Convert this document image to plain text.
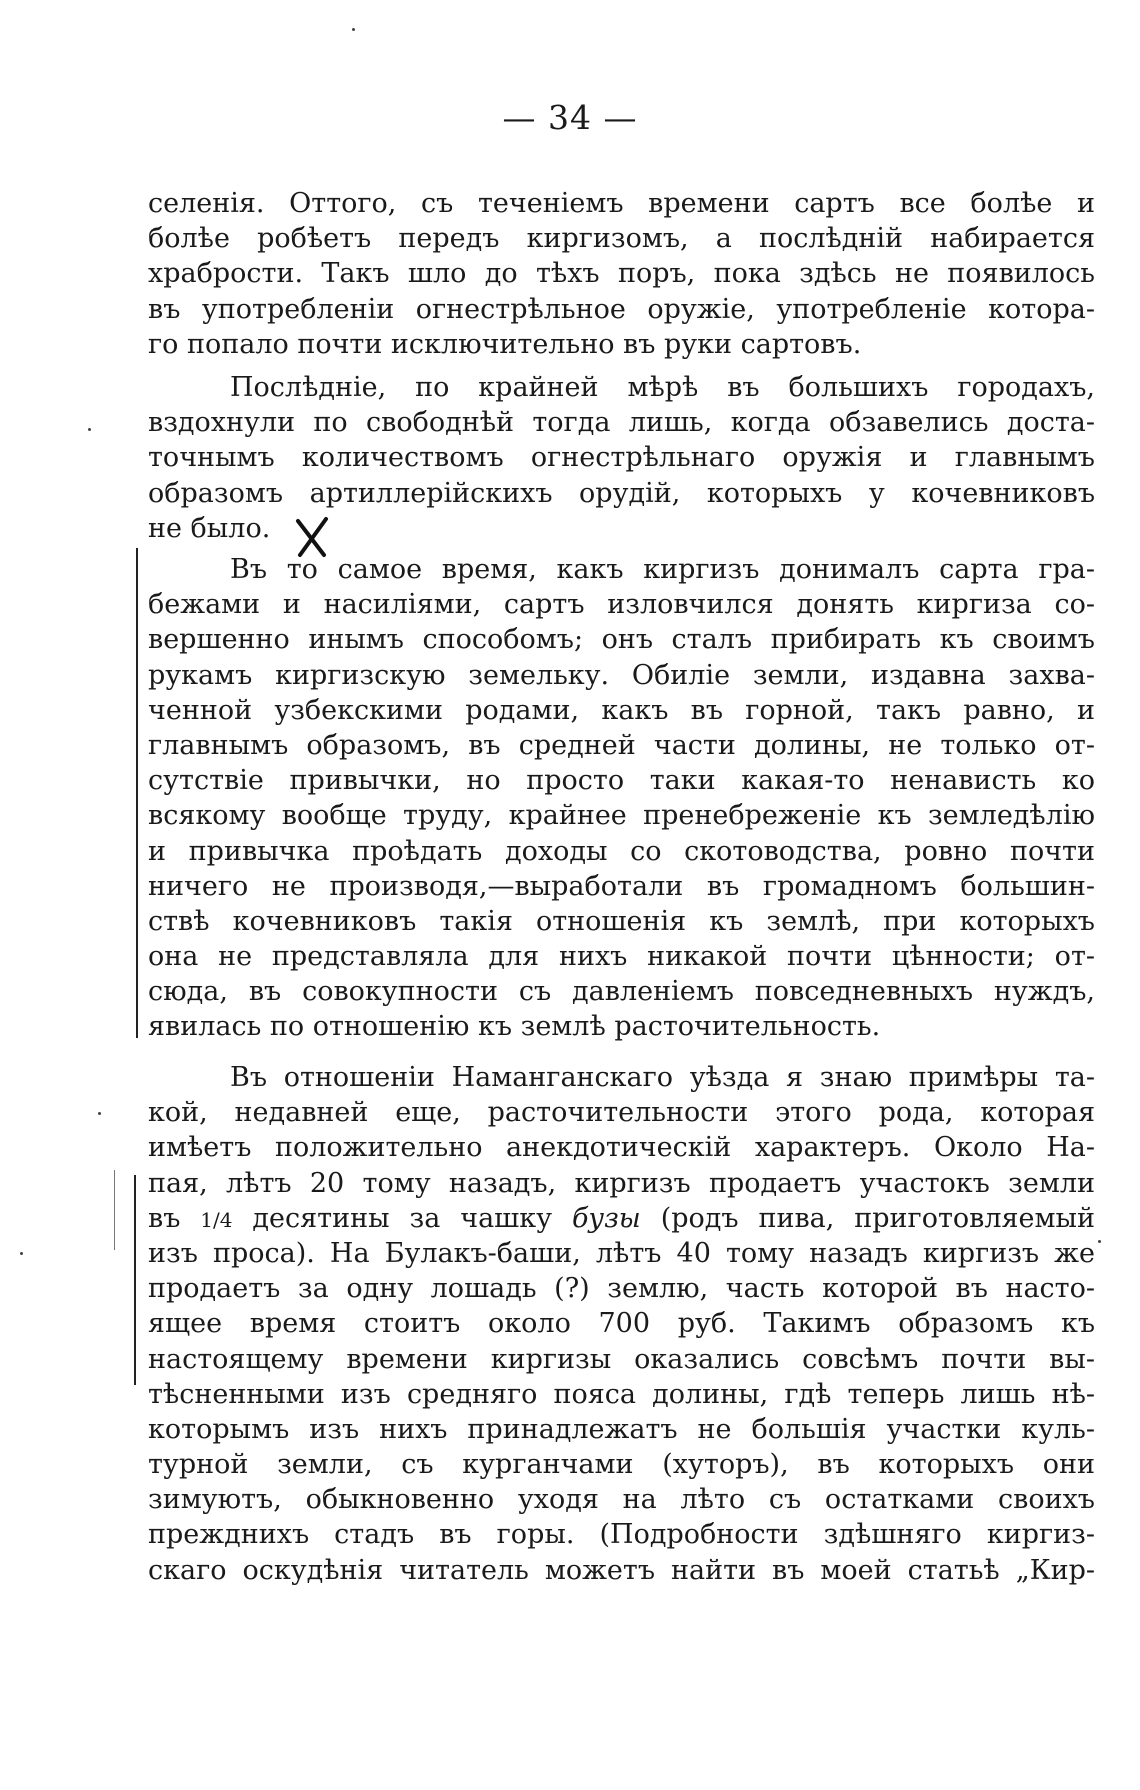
— 34 —
селенія. Оттого, съ теченіемъ времени сартъ все болѣе и
болѣе робѣетъ передъ киргизомъ, а послѣдній набирается
храбрости. Такъ шло до тѣхъ поръ, пока здѣсь не появилось
въ употребленіи огнестрѣльное оружіе, употребленіе котора-
го попало почти исключительно въ руки сартовъ.
Послѣдніе, по крайней мѣрѣ въ большихъ городахъ,
вздохнули по свободнѣй тогда лишь, когда обзавелись доста-
точнымъ количествомъ огнестрѣльнаго оружія и главнымъ
образомъ артиллерійскихъ орудій, которыхъ у кочевниковъ
не было.
Въ то самое время, какъ киргизъ донималъ сарта гра-
бежами и насиліями, сартъ изловчился донять киргиза со-
вершенно инымъ способомъ; онъ сталъ прибирать къ своимъ
рукамъ киргизскую земельку. Обиліе земли, издавна захва-
ченной узбекскими родами, какъ въ горной, такъ равно, и
главнымъ образомъ, въ средней части долины, не только от-
сутствіе привычки, но просто таки какая-то ненависть ко
всякому вообще труду, крайнее пренебреженіе къ земледѣлію
и привычка проѣдать доходы со скотоводства, ровно почти
ничего не производя,—выработали въ громадномъ большин-
ствѣ кочевниковъ такія отношенія къ землѣ, при которыхъ
она не представляла для нихъ никакой почти цѣнности; от-
сюда, въ совокупности съ давленіемъ повседневныхъ нуждъ,
явилась по отношенію къ землѣ расточительность.
Въ отношеніи Наманганскаго уѣзда я знаю примѣры та-
кой, недавней еще, расточительности этого рода, которая
имѣетъ положительно анекдотическій характеръ. Около На-
пая, лѣтъ 20 тому назадъ, киргизъ продаетъ участокъ земли
въ 1/4 десятины за чашку бузы (родъ пива, приготовляемый
изъ проса). На Булакъ-баши, лѣтъ 40 тому назадъ киргизъ же
продаетъ за одну лошадь (?) землю, часть которой въ насто-
ящее время стоитъ около 700 руб. Такимъ образомъ къ
настоящему времени киргизы оказались совсѣмъ почти вы-
тѣсненными изъ средняго пояса долины, гдѣ теперь лишь нѣ-
которымъ изъ нихъ принадлежатъ не большія участки куль-
турной земли, съ курганчами (хуторъ), въ которыхъ они
зимуютъ, обыкновенно уходя на лѣто съ остатками своихъ
прежднихъ стадъ въ горы. (Подробности здѣшняго киргиз-
скаго оскудѣнія читатель можетъ найти въ моей статьѣ „Кир-
